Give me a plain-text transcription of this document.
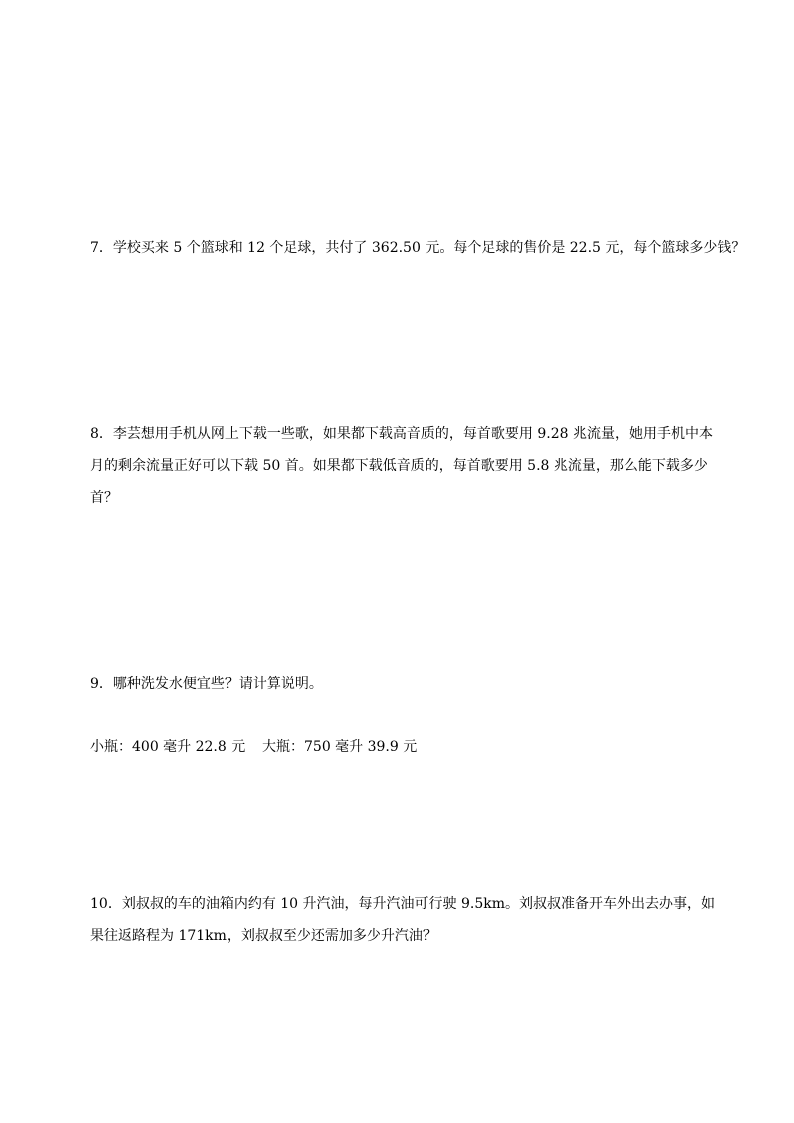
7．学校买来 5 个篮球和 12 个足球，共付了 362.50 元。每个足球的售价是 22.5 元，每个篮球多少钱？

8．李芸想用手机从网上下载一些歌，如果都下载高音质的，每首歌要用 9.28 兆流量，她用手机中本

月的剩余流量正好可以下载 50 首。如果都下载低音质的，每首歌要用 5.8 兆流量，那么能下载多少

首？

9．哪种洗发水便宜些？请计算说明。

小瓶：400 毫升 22.8 元 大瓶：750 毫升 39.9 元

10．刘叔叔的车的油箱内约有 10 升汽油，每升汽油可行驶 9.5km。刘叔叔准备开车外出去办事，如

果往返路程为 171km，刘叔叔至少还需加多少升汽油？
